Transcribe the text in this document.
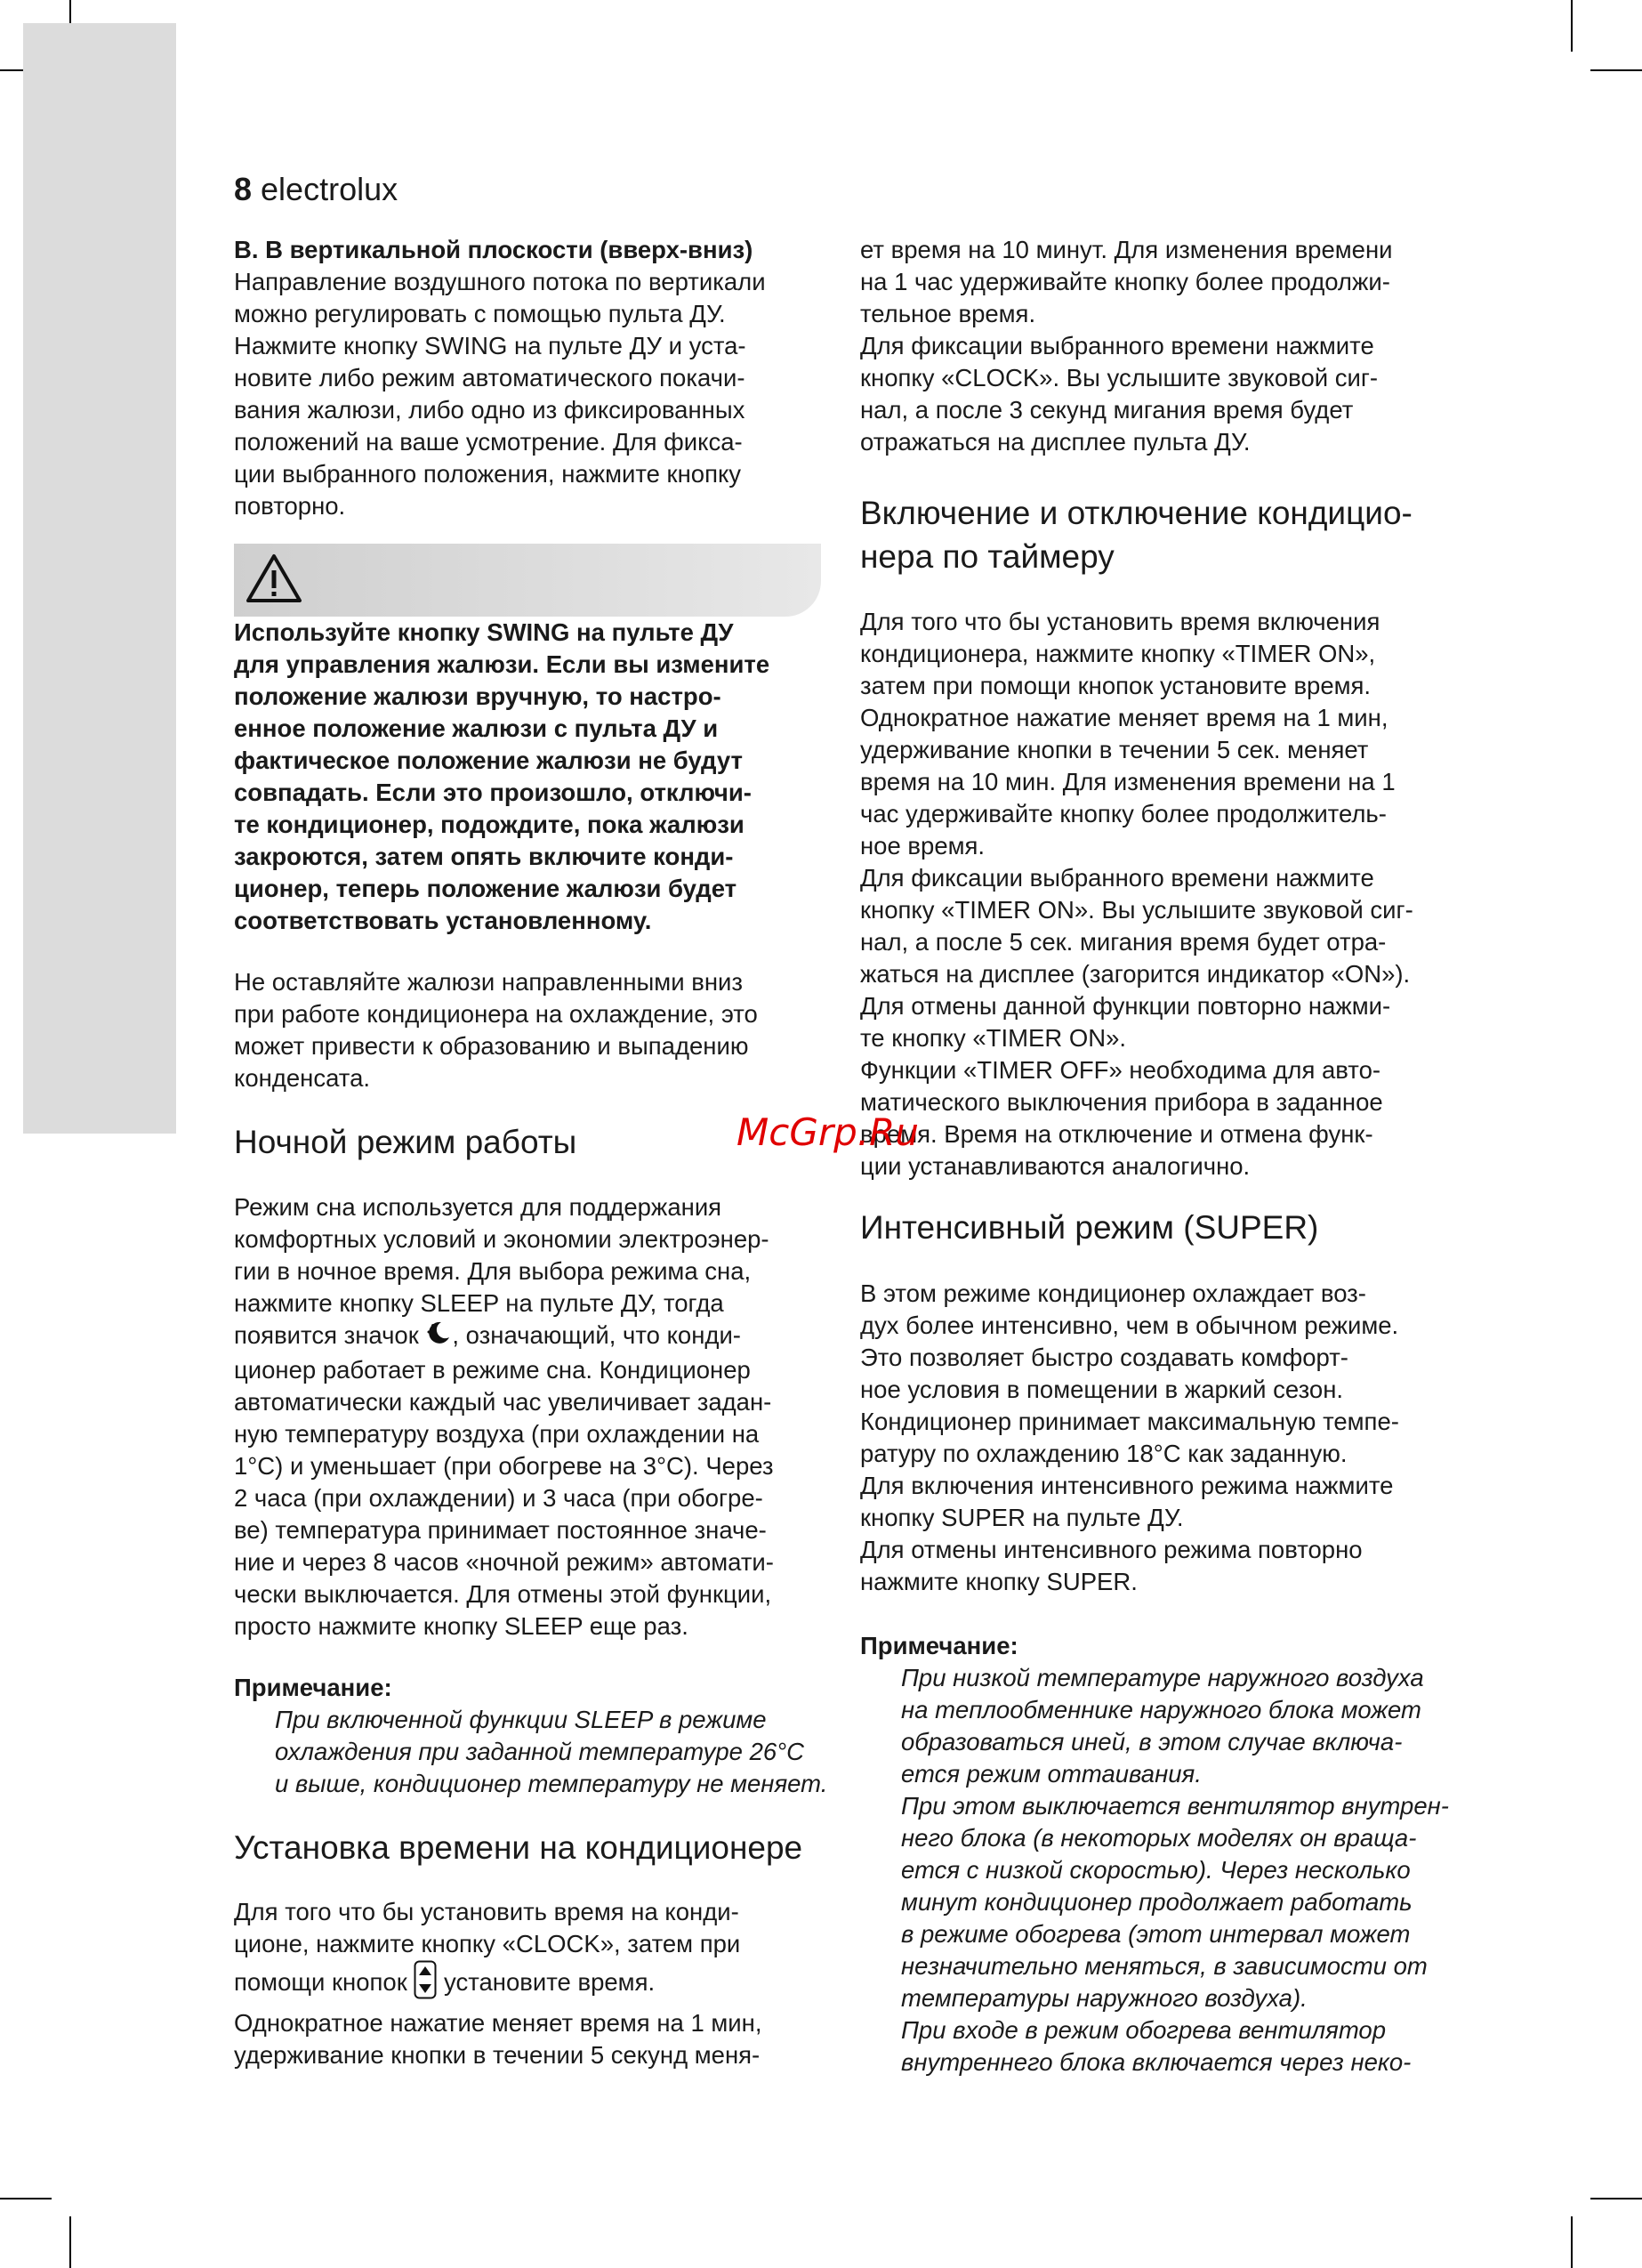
8 electrolux

B. В вертикальной плоскости (вверх-вниз)

Направление воздушного потока по вертикали

можно регулировать с помощью пульта ДУ.

Нажмите кнопку SWING на пульте ДУ и уста-

новите либо режим автоматического покачи-

вания жалюзи, либо одно из фиксированных

положений на ваше усмотрение. Для фикса-

ции выбранного положения, нажмите кнопку

повторно.

Используйте кнопку SWING на пульте ДУ

для управления жалюзи. Если вы измените

положение жалюзи вручную, то настро-

енное положение жалюзи с пульта ДУ и

фактическое положение жалюзи не будут

совпадать. Если это произошло, отключи-

те кондиционер, подождите, пока жалюзи

закроются, затем опять включите конди-

ционер, теперь положение жалюзи будет

соответствовать установленному.

Не оставляйте жалюзи направленными вниз

при работе кондиционера на охлаждение, это

может привести к образованию и выпадению

конденсата.

Ночной режим работы

Режим сна используется для поддержания

комфортных условий и экономии электроэнер-

гии в ночное время. Для выбора режима сна,

нажмите кнопку SLEEP на пульте ДУ, тогда

появится значок , означающий, что конди-

ционер работает в режиме сна. Кондиционер

автоматически каждый час увеличивает задан-

ную температуру воздуха (при охлаждении на

1°С) и уменьшает (при обогреве на 3°С). Через

2 часа (при охлаждении) и 3 часа (при обогре-

ве) температура принимает постоянное значе-

ние и через 8 часов «ночной режим» автомати-

чески выключается. Для отмены этой функции,

просто нажмите кнопку SLEEP еще раз.

Примечание:

При включенной функции SLEEP в режиме

охлаждения при заданной температуре 26°С

и выше, кондиционер температуру не меняет.

Установка времени на кондиционере

Для того что бы установить время на конди-

ционе, нажмите кнопку «CLOCK», затем при

помощи кнопок  установите время.

Однократное нажатие меняет время на 1 мин,

удерживание кнопки в течении 5 секунд меня-

ет время на 10 минут. Для изменения времени

на 1 час удерживайте кнопку более продолжи-

тельное время.

Для фиксации выбранного времени нажмите

кнопку «CLOCK». Вы услышите звуковой сиг-

нал, а после 3 секунд мигания время будет

отражаться на дисплее пульта ДУ.

Включение и отключение кондицио-

нера по таймеру

Для того что бы установить время включения

кондиционера, нажмите кнопку «TIMER ON»,

затем при помощи кнопок установите время.

Однократное нажатие меняет время на 1 мин,

удерживание кнопки в течении 5 сек. меняет

время на 10 мин. Для изменения времени на 1

час удерживайте кнопку более продолжитель-

ное время.

Для фиксации выбранного времени нажмите

кнопку «TIMER ON». Вы услышите звуковой сиг-

нал, а после 5 сек. мигания время будет отра-

жаться на дисплее (загорится индикатор «ON»).

Для отмены данной функции повторно нажми-

те кнопку «TIMER ON».

Функции «TIMER OFF» необходима для авто-

матического выключения прибора в заданное

время. Время на отключение и отмена функ-

ции устанавливаются аналогично.

Интенсивный режим (SUPER)

В этом режиме кондиционер охлаждает воз-

дух более интенсивно, чем в обычном режиме.

Это позволяет быстро создавать комфорт-

ное условия в помещении в жаркий сезон.

Кондиционер принимает максимальную темпе-

ратуру по охлаждению 18°С как заданную.

Для включения интенсивного режима нажмите

кнопку SUPER на пульте ДУ.

Для отмены интенсивного режима повторно

нажмите кнопку SUPER.

Примечание:

При низкой температуре наружного воздуха

на теплообменнике наружного блока может

образоваться иней, в этом случае включа-

ется режим оттаивания.

При этом выключается вентилятор внутрен-

него блока (в некоторых моделях он враща-

ется с низкой скоростью). Через несколько

минут кондиционер продолжает работать

в режиме обогрева (этот интервал может

незначительно меняться, в зависимости от

температуры наружного воздуха).

При входе в режим обогрева вентилятор

внутреннего блока включается через неко-

McGrp.Ru
